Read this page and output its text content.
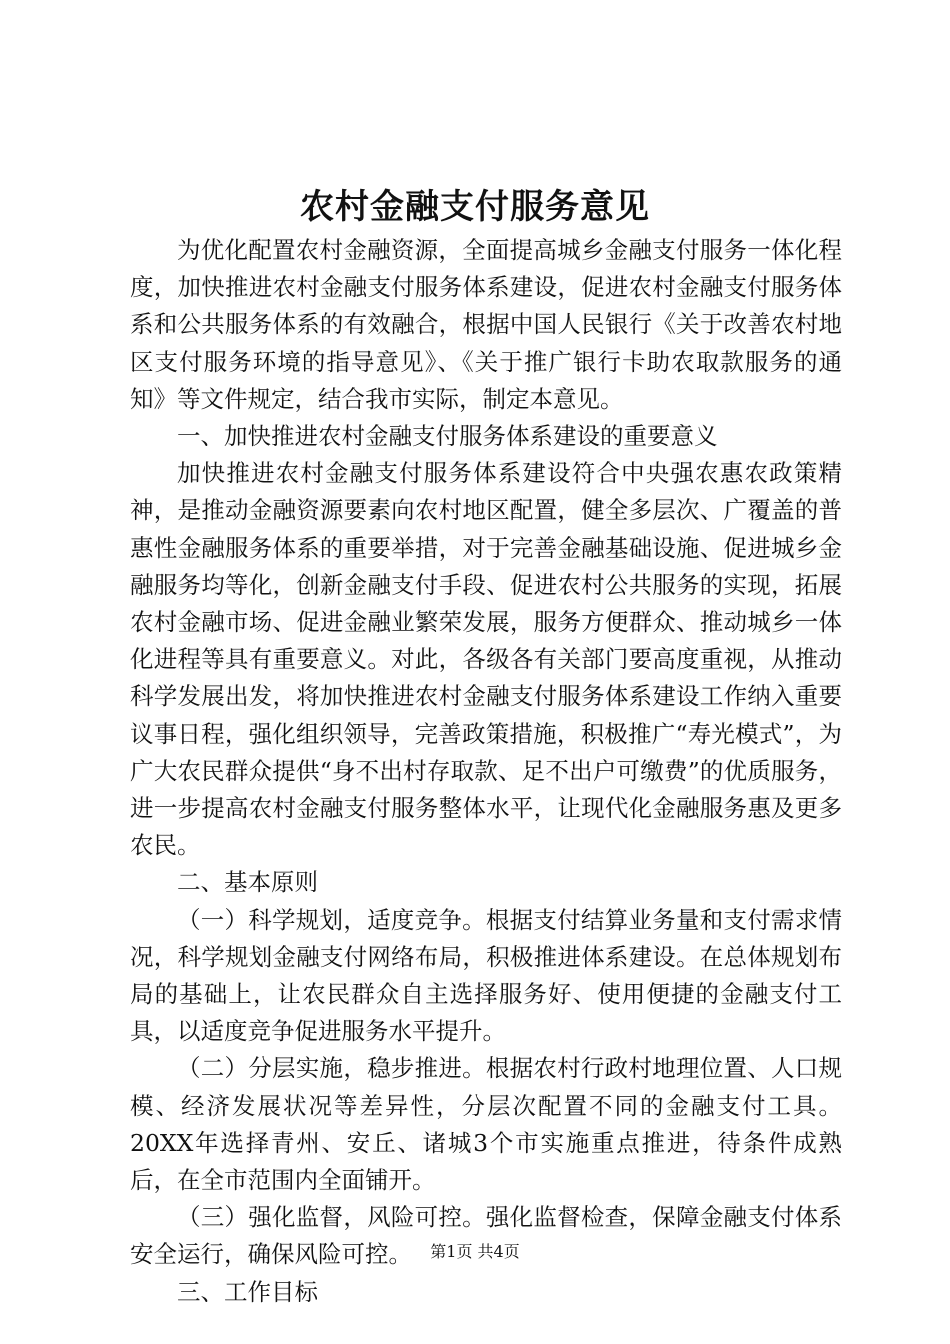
农村金融支付服务意见

为优化配置农村金融资源，全面提高城乡金融支付服务一体化程度，加快推进农村金融支付服务体系建设，促进农村金融支付服务体系和公共服务体系的有效融合，根据中国人民银行《关于改善农村地区支付服务环境的指导意见》、《关于推广银行卡助农取款服务的通知》等文件规定，结合我市实际，制定本意见。

一、加快推进农村金融支付服务体系建设的重要意义

加快推进农村金融支付服务体系建设符合中央强农惠农政策精神，是推动金融资源要素向农村地区配置，健全多层次、广覆盖的普惠性金融服务体系的重要举措，对于完善金融基础设施、促进城乡金融服务均等化，创新金融支付手段、促进农村公共服务的实现，拓展农村金融市场、促进金融业繁荣发展，服务方便群众、推动城乡一体化进程等具有重要意义。对此，各级各有关部门要高度重视，从推动科学发展出发，将加快推进农村金融支付服务体系建设工作纳入重要议事日程，强化组织领导，完善政策措施，积极推广“寿光模式”，为广大农民群众提供“身不出村存取款、足不出户可缴费”的优质服务，进一步提高农村金融支付服务整体水平，让现代化金融服务惠及更多农民。

二、基本原则

（一）科学规划，适度竞争。根据支付结算业务量和支付需求情况，科学规划金融支付网络布局，积极推进体系建设。在总体规划布局的基础上，让农民群众自主选择服务好、使用便捷的金融支付工具，以适度竞争促进服务水平提升。

（二）分层实施，稳步推进。根据农村行政村地理位置、人口规模、经济发展状况等差异性，分层次配置不同的金融支付工具。20XX年选择青州、安丘、诸城3个市实施重点推进，待条件成熟后，在全市范围内全面铺开。

（三）强化监督，风险可控。强化监督检查，保障金融支付体系安全运行，确保风险可控。

三、工作目标

第1页 共4页
